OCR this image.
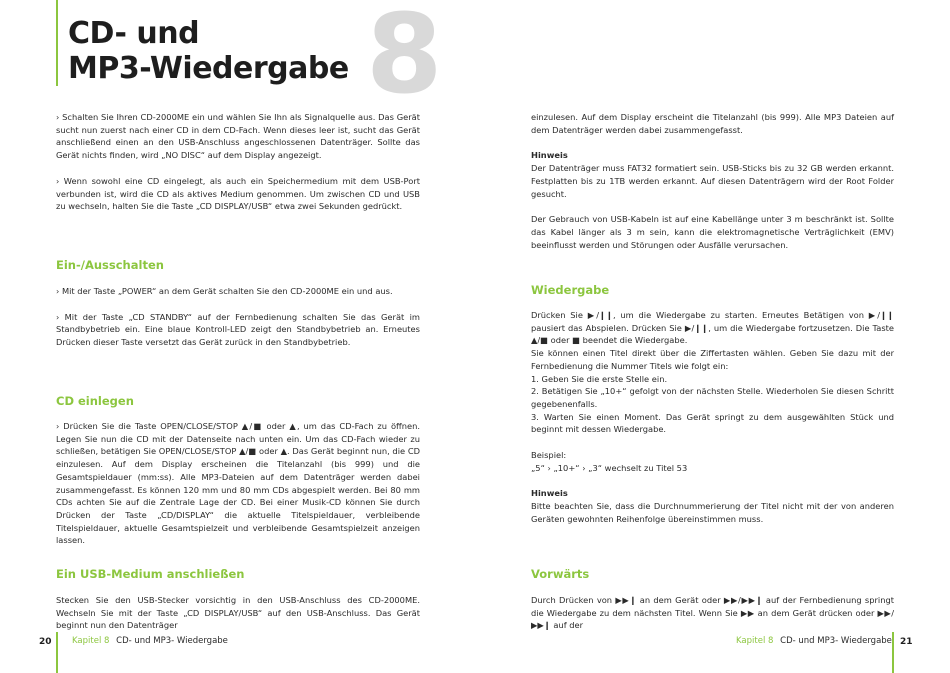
CD- und
MP3-Wiedergabe 8

› Schalten Sie Ihren CD-2000ME ein und wählen Sie Ihn als Signalquelle aus. Das Gerät sucht nun zuerst nach einer CD in dem CD-Fach. Wenn dieses leer ist, sucht das Gerät anschließend einen an den USB-Anschluss angeschlossenen Datenträger. Sollte das Gerät nichts finden, wird „NO DISC“ auf dem Display angezeigt.

› Wenn sowohl eine CD eingelegt, als auch ein Speichermedium mit dem USB-Port verbunden ist, wird die CD als aktives Medium genommen. Um zwischen CD und USB zu wechseln, halten Sie die Taste „CD DISPLAY/USB“ etwa zwei Sekunden gedrückt.

Ein-/Ausschalten

› Mit der Taste „POWER“ an dem Gerät schalten Sie den CD-2000ME ein und aus.

› Mit der Taste „CD STANDBY“ auf der Fernbedienung schalten Sie das Gerät im Standbybetrieb ein. Eine blaue Kontroll-LED zeigt den Standbybetrieb an. Erneutes Drücken dieser Taste versetzt das Gerät zurück in den Standbybetrieb.

CD einlegen

› Drücken Sie die Taste OPEN/CLOSE/STOP ▲/■ oder ▲, um das CD-Fach zu öffnen. Legen Sie nun die CD mit der Datenseite nach unten ein. Um das CD-Fach wieder zu schließen, betätigen Sie OPEN/CLOSE/STOP ▲/■ oder ▲. Das Gerät beginnt nun, die CD einzulesen. Auf dem Display erscheinen die Titelanzahl (bis 999) und die Gesamtspieldauer (mm:ss). Alle MP3-Dateien auf dem Datenträger werden dabei zusammengefasst. Es können 120 mm und 80 mm CDs abgespielt werden. Bei 80 mm CDs achten Sie auf die Zentrale Lage der CD. Bei einer Musik-CD können Sie durch Drücken der Taste „CD/DISPLAY“ die aktuelle Titelspieldauer, verbleibende Titelspieldauer, aktuelle Gesamtspielzeit und verbleibende Gesamtspielzeit anzeigen lassen.

Ein USB-Medium anschließen

Stecken Sie den USB-Stecker vorsichtig in den USB-Anschluss des CD-2000ME. Wechseln Sie mit der Taste „CD DISPLAY/USB“ auf den USB-Anschluss. Das Gerät beginnt nun den Datenträger

einzulesen. Auf dem Display erscheint die Titelanzahl (bis 999). Alle MP3 Dateien auf dem Datenträger werden dabei zusammengefasst.

Hinweis

Der Datenträger muss FAT32 formatiert sein. USB-Sticks bis zu 32 GB werden erkannt. Festplatten bis zu 1TB werden erkannt. Auf diesen Datenträgern wird der Root Folder gesucht.

Der Gebrauch von USB-Kabeln ist auf eine Kabellänge unter 3 m beschränkt ist. Sollte das Kabel länger als 3 m sein, kann die elektromagnetische Verträglichkeit (EMV) beeinflusst werden und Störungen oder Ausfälle verursachen.

Wiedergabe

Drücken Sie ▶/❙❙, um die Wiedergabe zu starten. Erneutes Betätigen von ▶/❙❙ pausiert das Abspielen. Drücken Sie ▶/❙❙, um die Wiedergabe fortzusetzen. Die Taste ▲/■ oder ■ beendet die Wiedergabe.

Sie können einen Titel direkt über die Ziffertasten wählen. Geben Sie dazu mit der Fernbedienung die Nummer Titels wie folgt ein:

1. Geben Sie die erste Stelle ein.

2. Betätigen Sie „10+“ gefolgt von der nächsten Stelle. Wiederholen Sie diesen Schritt gegebenenfalls.

3. Warten Sie einen Moment. Das Gerät springt zu dem ausgewählten Stück und beginnt mit dessen Wiedergabe.

Beispiel:

„5“ › „10+“ › „3“ wechselt zu Titel 53

Hinweis

Bitte beachten Sie, dass die Durchnummerierung der Titel nicht mit der von anderen Geräten gewohnten Reihenfolge übereinstimmen muss.

Vorwärts

Durch Drücken von ▶▶❙ an dem Gerät oder ▶▶/▶▶❙ auf der Fernbedienung springt die Wiedergabe zu dem nächsten Titel. Wenn Sie ▶▶ an dem Gerät drücken oder ▶▶/▶▶❙ auf der

20 Kapitel 8 CD- und MP3- Wiedergabe	Kapitel 8 CD- und MP3- Wiedergabe 21
